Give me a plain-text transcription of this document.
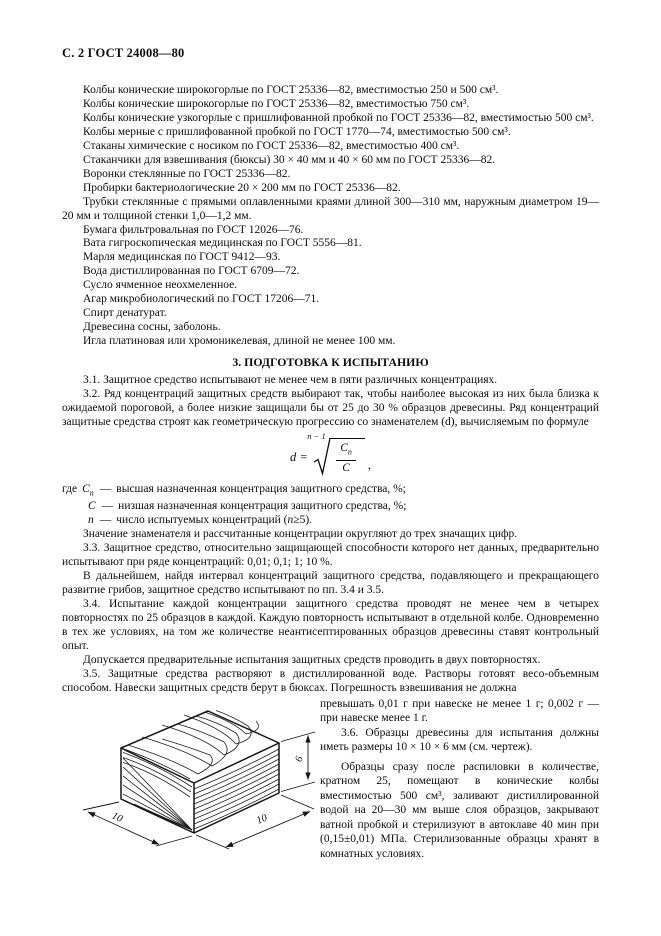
С. 2 ГОСТ 24008—80

Колбы конические широкогорлые по ГОСТ 25336—82, вместимостью 250 и 500 см³.

Колбы конические широкогорлые по ГОСТ 25336—82, вместимостью 750 см³.

Колбы конические узкогорлые с пришлифованной пробкой по ГОСТ 25336—82, вместимостью 500 см³.

Колбы мерные с пришлифованной пробкой по ГОСТ 1770—74, вместимостью 500 см³.

Стаканы химические с носиком по ГОСТ 25336—82, вместимостью 400 см³.

Стаканчики для взвешивания (бюксы) 30 × 40 мм и 40 × 60 мм по ГОСТ 25336—82.

Воронки стеклянные по ГОСТ 25336—82.

Пробирки бактериологические 20 × 200 мм по ГОСТ 25336—82.

Трубки стеклянные с прямыми оплавленными краями длиной 300—310 мм, наружным диаметром 19—20 мм и толщиной стенки 1,0—1,2 мм.

Бумага фильтровальная по ГОСТ 12026—76.

Вата гигроскопическая медицинская по ГОСТ 5556—81.

Марля медицинская по ГОСТ 9412—93.

Вода дистиллированная по ГОСТ 6709—72.

Сусло ячменное неохмеленное.

Агар микробиологический по ГОСТ 17206—71.

Спирт денатурат.

Древесина сосны, заболонь.

Игла платиновая или хромоникелевая, длиной не менее 100 мм.

3. ПОДГОТОВКА К ИСПЫТАНИЮ

3.1. Защитное средство испытывают не менее чем в пяти различных концентрациях.

3.2. Ряд концентраций защитных средств выбирают так, чтобы наиболее высокая из них была близка к ожидаемой пороговой, а более низкие защищали бы от 25 до 30 % образцов древесины. Ряд концентраций защитные средства строят как геометрическую прогрессию со знаменателем (d), вычисляемым по формуле

d =
n − 1
$C_n$
C ,
где $C_n$ — высшая назначенная концентрация защитного средства, %;
C — низшая назначенная концентрация защитного средства, %;
n — число испытуемых концентраций (n≥5).

Значение знаменателя и рассчитанные концентрации округляют до трех значащих цифр.

3.3. Защитное средство, относительно защищающей способности которого нет данных, предварительно испытывают при ряде концентраций: 0,01; 0,1; 1; 10 %.

В дальнейшем, найдя интервал концентраций защитного средства, подавляющего и прекращающего развитие грибов, защитное средство испытывают по пп. 3.4 и 3.5.

3.4. Испытание каждой концентрации защитного средства проводят не менее чем в четырех повторностях по 25 образцов в каждой. Каждую повторность испытывают в отдельной колбе. Одновременно в тех же условиях, на том же количестве неантисептированных образцов древесины ставят контрольный опыт.

Допускается предварительные испытания защитных средств проводить в двух повторностях.

3.5. Защитные средства растворяют в дистиллированной воде. Растворы готовят весо-объемным способом. Навески защитных средств берут в бюксах. Погрешность взвешивания не должна

10	10
6

превышать 0,01 г при навеске не менее 1 г; 0,002 г — при навеске менее 1 г.

3.6. Образцы древесины для испытания должны иметь размеры 10 × 10 × 6 мм (см. чертеж).

Образцы сразу после распиловки в количестве, кратном 25, помещают в конические колбы вместимостью 500 см³, заливают дистиллированной водой на 20—30 мм выше слоя образцов, закрывают ватной пробкой и стерилизуют в автоклаве 40 мин при (0,15±0,01) МПа. Стерилизованные образцы хранят в комнатных условиях.
